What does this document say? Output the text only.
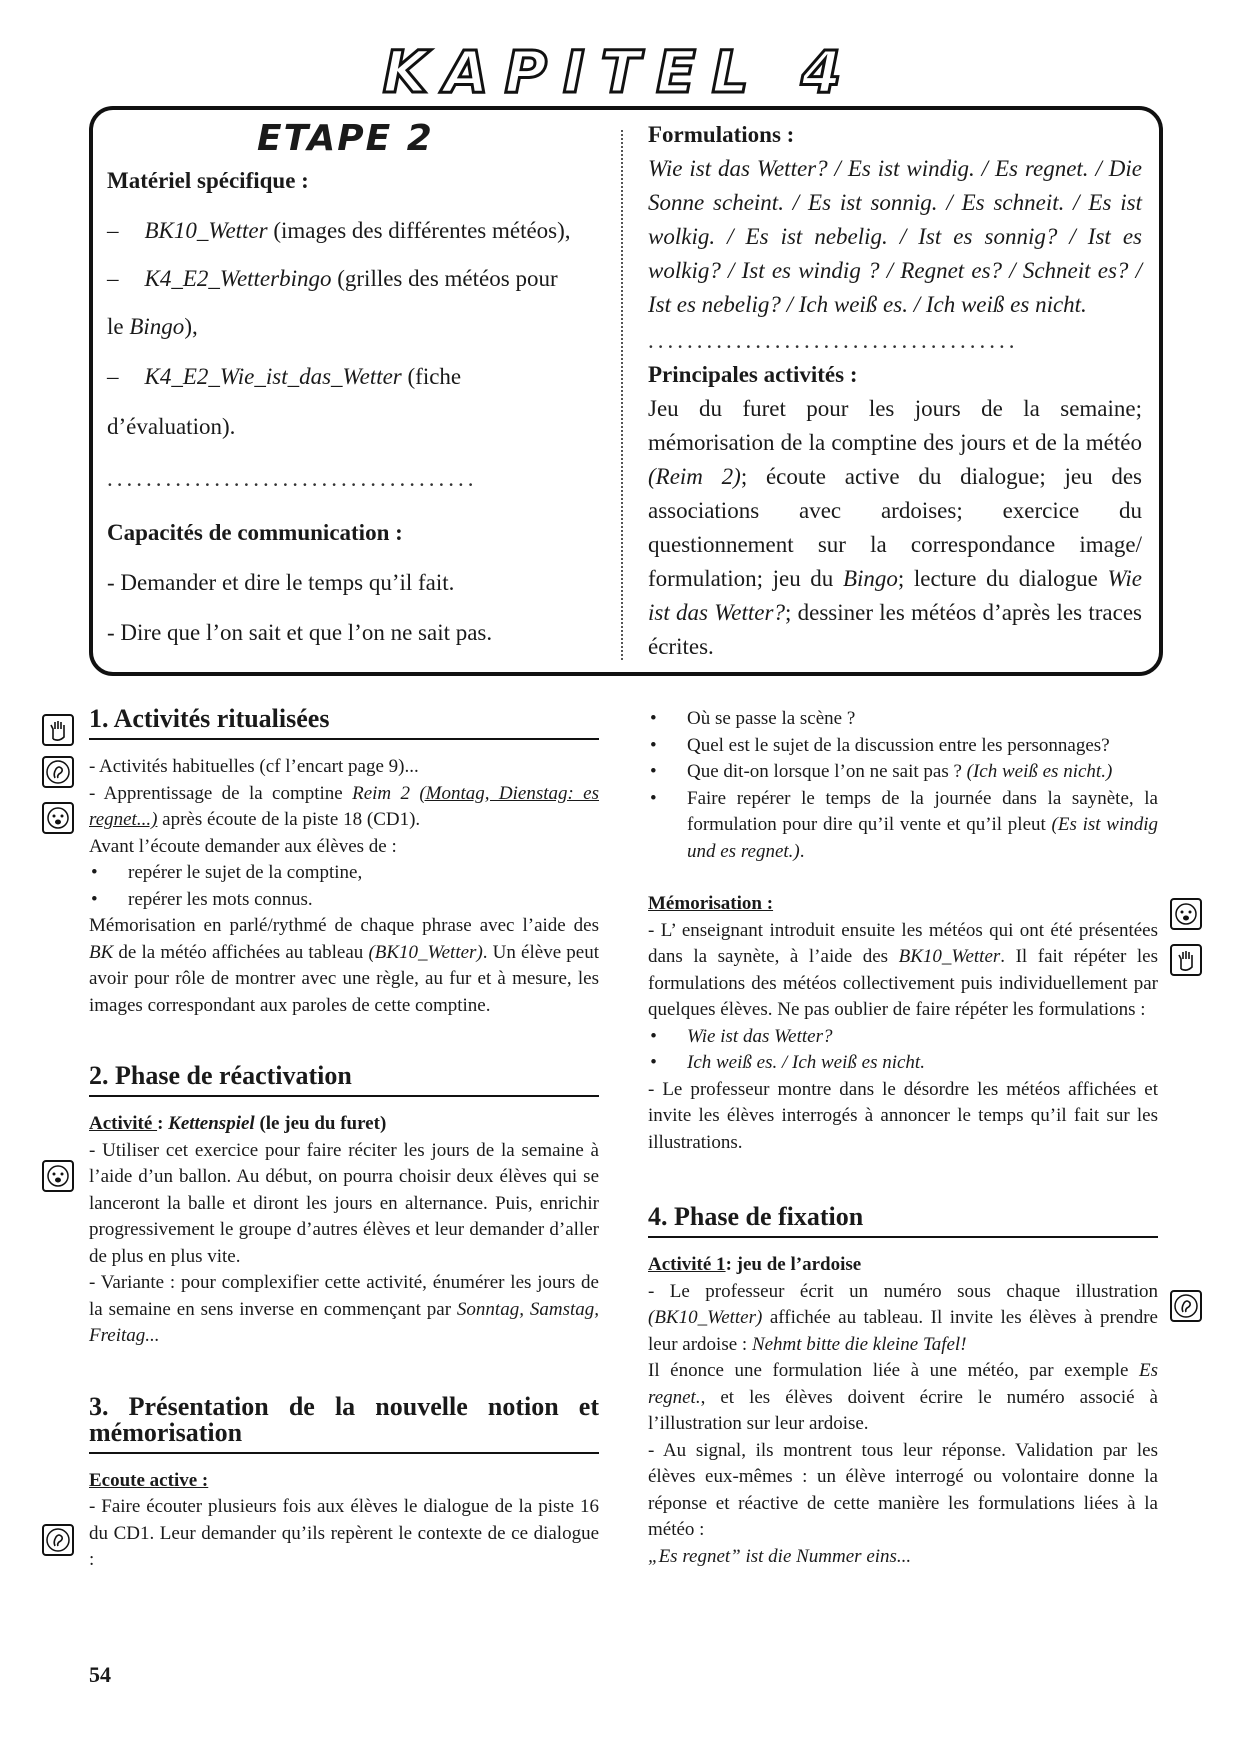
KAPITEL 4
ETAPE 2
Matériel spécifique :
– BK10_Wetter (images des différentes météos),
– K4_E2_Wetterbingo (grilles des météos pour
le Bingo),
– K4_E2_Wie_ist_das_Wetter (fiche
d’évaluation).
......................................
Capacités de communication :
- Demander et dire le temps qu’il fait.
- Dire que l’on sait et que l’on ne sait pas.
Formulations :
Wie ist das Wetter? / Es ist windig. / Es regnet. / Die Sonne scheint. / Es ist sonnig. / Es schneit. / Es ist wolkig. / Es ist nebelig. / Ist es sonnig? / Ist es wolkig? / Ist es windig ? / Regnet es? / Schneit es? / Ist es nebelig? / Ich weiß es. / Ich weiß es nicht.
......................................
Principales activités :
Jeu du furet pour les jours de la semaine; mémorisation de la comptine des jours et de la météo (Reim 2); écoute active du dialogue; jeu des associations avec ardoises; exercice du questionnement sur la correspondance image/ formulation; jeu du Bingo; lecture du dialogue Wie ist das Wetter?; dessiner les météos d’après les traces écrites.
1. Activités ritualisées
- Activités habituelles (cf l’encart page 9)...
- Apprentissage de la comptine Reim 2 (Montag, Dienstag: es regnet...) après écoute de la piste 18 (CD1).
Avant l’écoute demander aux élèves de :
• repérer le sujet de la comptine,
• repérer les mots connus.
Mémorisation en parlé/rythmé de chaque phrase avec l’aide des BK de la météo affichées au tableau (BK10_Wetter). Un élève peut avoir pour rôle de montrer avec une règle, au fur et à mesure, les images correspondant aux paroles de cette comptine.
2. Phase de réactivation
Activité : Kettenspiel (le jeu du furet)
- Utiliser cet exercice pour faire réciter les jours de la semaine à l’aide d’un ballon. Au début, on pourra choisir deux élèves qui se lanceront la balle et diront les jours en alternance. Puis, enrichir progressivement le groupe d’autres élèves et leur demander d’aller de plus en plus vite.
- Variante : pour complexifier cette activité, énumérer les jours de la semaine en sens inverse en commençant par Sonntag, Samstag, Freitag...
3. Présentation de la nouvelle notion et mémorisation
Ecoute active :
- Faire écouter plusieurs fois aux élèves le dialogue de la piste 16 du CD1. Leur demander qu’ils repèrent le contexte de ce dialogue :
• Où se passe la scène ?
• Quel est le sujet de la discussion entre les personnages?
• Que dit-on lorsque l’on ne sait pas ? (Ich weiß es nicht.)
• Faire repérer le temps de la journée dans la saynète, la formulation pour dire qu’il vente et qu’il pleut (Es ist windig und es regnet.).
Mémorisation :
- L’ enseignant introduit ensuite les météos qui ont été présentées dans la saynète, à l’aide des BK10_Wetter. Il fait répéter les formulations des météos collectivement puis individuellement par quelques élèves. Ne pas oublier de faire répéter les formulations :
• Wie ist das Wetter?
• Ich weiß es. / Ich weiß es nicht.
- Le professeur montre dans le désordre les météos affichées et invite les élèves interrogés à annoncer le temps qu’il fait sur les illustrations.
4. Phase de fixation
Activité 1: jeu de l’ardoise
- Le professeur écrit un numéro sous chaque illustration (BK10_Wetter) affichée au tableau. Il invite les élèves à prendre leur ardoise : Nehmt bitte die kleine Tafel!
Il énonce une formulation liée à une météo, par exemple Es regnet., et les élèves doivent écrire le numéro associé à l’illustration sur leur ardoise.
- Au signal, ils montrent tous leur réponse. Validation par les élèves eux-mêmes : un élève interrogé ou volontaire donne la réponse et réactive de cette manière les formulations liées à la météo :
„Es regnet” ist die Nummer eins...
54
